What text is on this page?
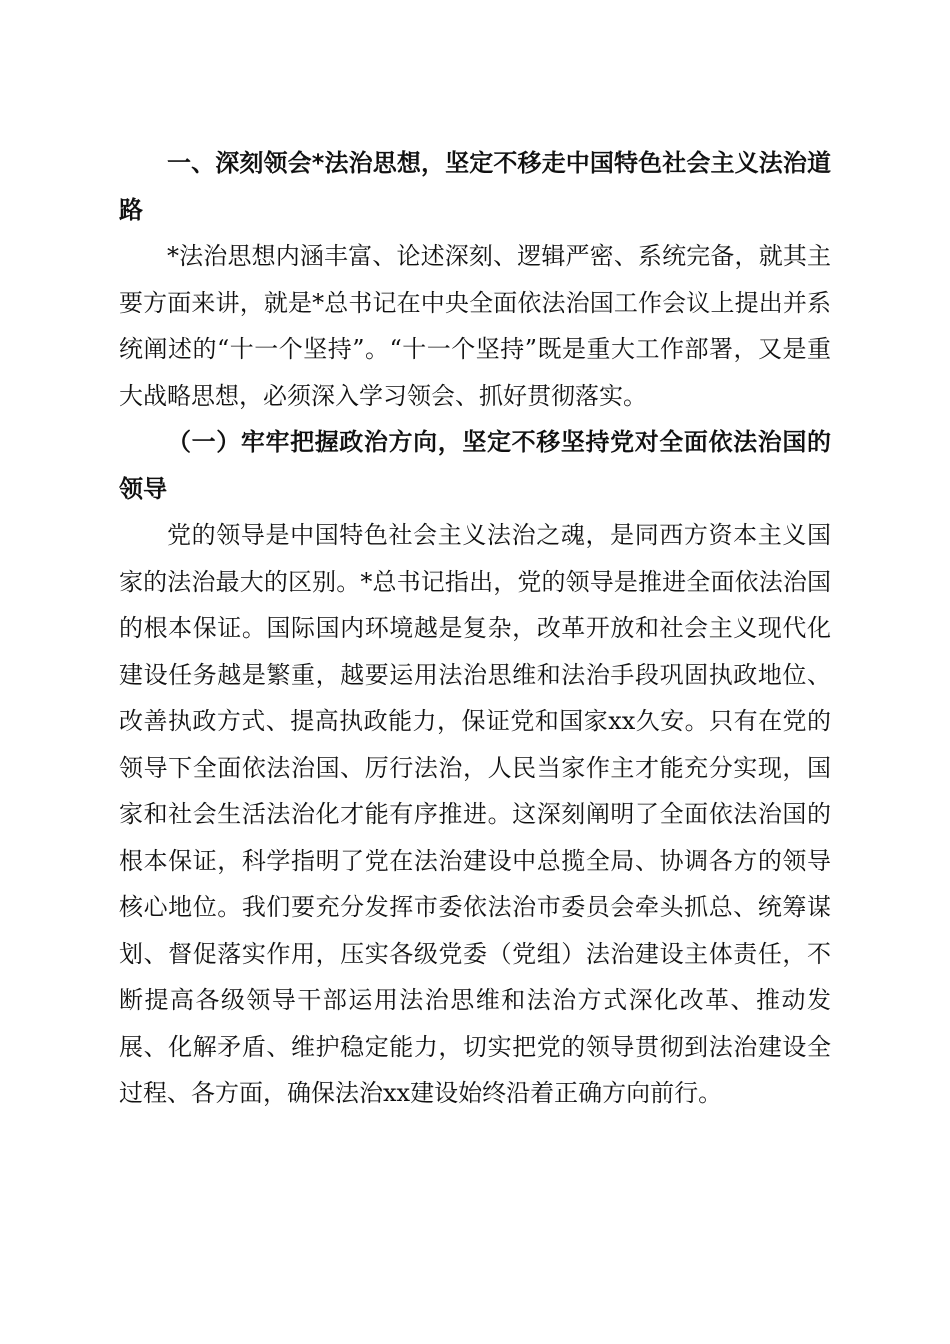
一、深刻领会*法治思想，坚定不移走中国特色社会主义法治道路

*法治思想内涵丰富、论述深刻、逻辑严密、系统完备，就其主要方面来讲，就是*总书记在中央全面依法治国工作会议上提出并系统阐述的“十一个坚持”。“十一个坚持”既是重大工作部署，又是重大战略思想，必须深入学习领会、抓好贯彻落实。

（一）牢牢把握政治方向，坚定不移坚持党对全面依法治国的领导

党的领导是中国特色社会主义法治之魂，是同西方资本主义国家的法治最大的区别。*总书记指出，党的领导是推进全面依法治国的根本保证。国际国内环境越是复杂，改革开放和社会主义现代化建设任务越是繁重，越要运用法治思维和法治手段巩固执政地位、改善执政方式、提高执政能力，保证党和国家xx久安。只有在党的领导下全面依法治国、厉行法治，人民当家作主才能充分实现，国家和社会生活法治化才能有序推进。这深刻阐明了全面依法治国的根本保证，科学指明了党在法治建设中总揽全局、协调各方的领导核心地位。我们要充分发挥市委依法治市委员会牵头抓总、统筹谋划、督促落实作用，压实各级党委（党组）法治建设主体责任，不断提高各级领导干部运用法治思维和法治方式深化改革、推动发展、化解矛盾、维护稳定能力，切实把党的领导贯彻到法治建设全过程、各方面，确保法治xx建设始终沿着正确方向前行。
